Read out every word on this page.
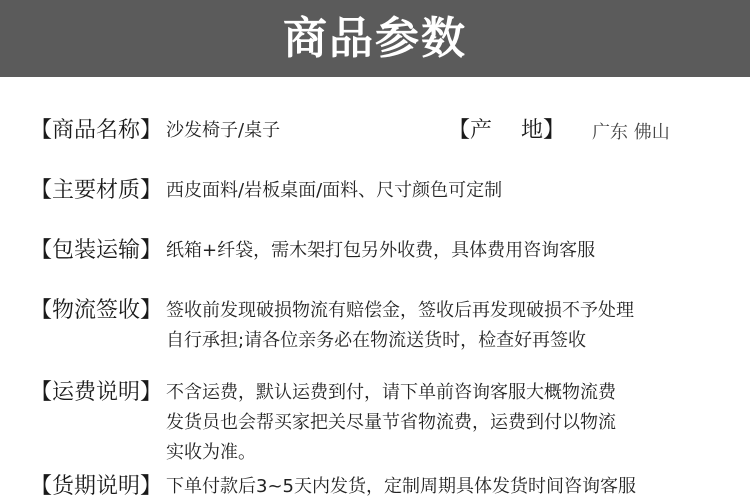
商品参数
【商品名称】 沙发椅子/桌子	【产　 地】 广东 佛山
【主要材质】 西皮面料/岩板桌面/面料、尺寸颜色可定制
【包装运输】 纸箱+纤袋，需木架打包另外收费，具体费用咨询客服
【物流签收】 签收前发现破损物流有赔偿金，签收后再发现破损不予处理
自行承担;请各位亲务必在物流送货时，检查好再签收
【运费说明】 不含运费，默认运费到付，请下单前咨询客服大概物流费
发货员也会帮买家把关尽量节省物流费，运费到付以物流
实收为准。
【货期说明】 下单付款后3~5天内发货，定制周期具体发货时间咨询客服
